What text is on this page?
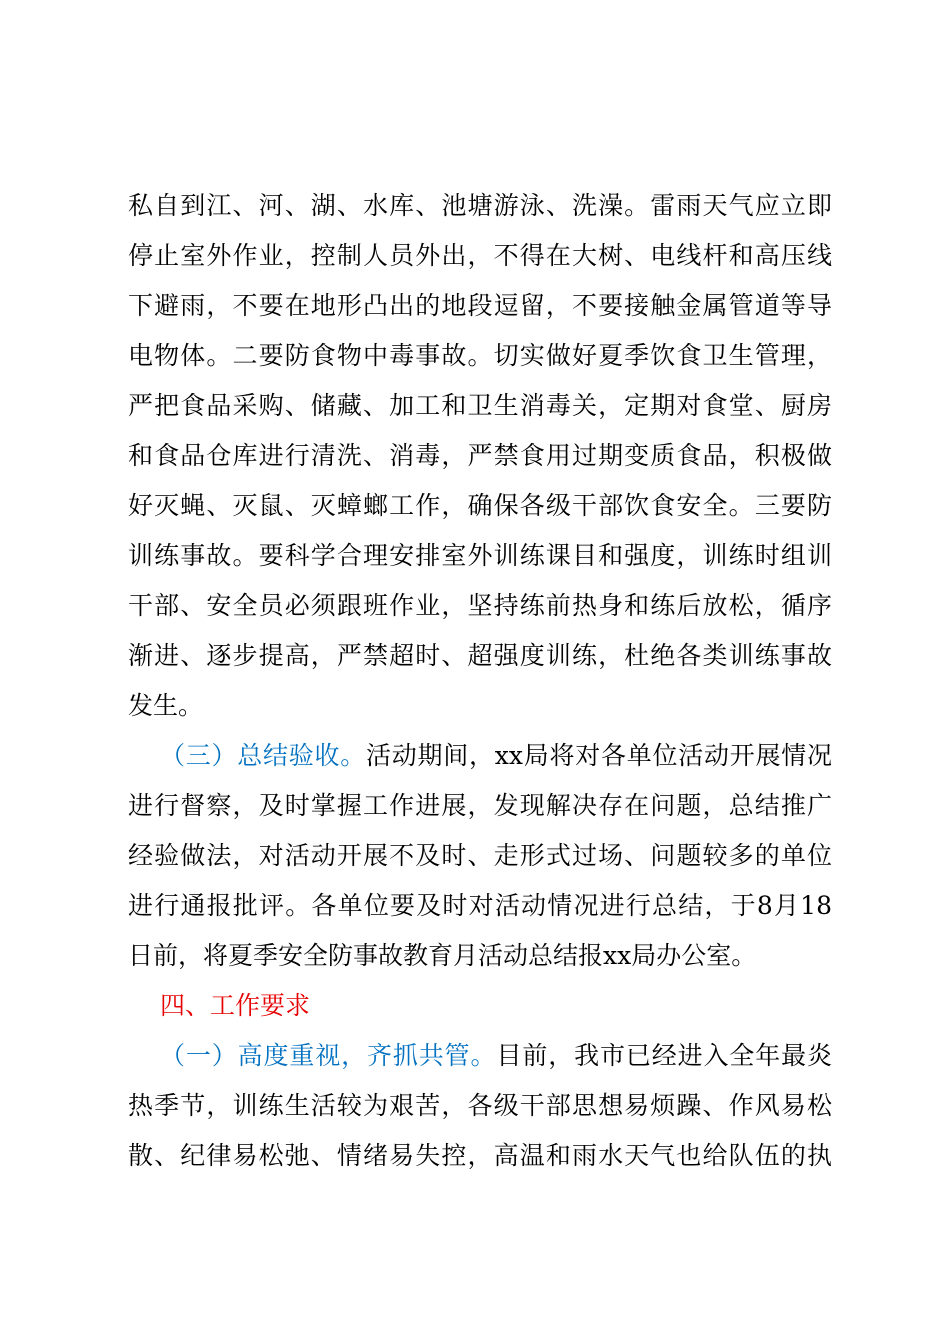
私自到江、河、湖、水库、池塘游泳、洗澡。雷雨天气应立即
停止室外作业，控制人员外出，不得在大树、电线杆和高压线
下避雨，不要在地形凸出的地段逗留，不要接触金属管道等导
电物体。二要防食物中毒事故。切实做好夏季饮食卫生管理，
严把食品采购、储藏、加工和卫生消毒关，定期对食堂、厨房
和食品仓库进行清洗、消毒，严禁食用过期变质食品，积极做
好灭蝇、灭鼠、灭蟑螂工作，确保各级干部饮食安全。三要防
训练事故。要科学合理安排室外训练课目和强度，训练时组训
干部、安全员必须跟班作业，坚持练前热身和练后放松，循序
渐进、逐步提高，严禁超时、超强度训练，杜绝各类训练事故
发生。
（三）总结验收。活动期间，xx局将对各单位活动开展情况
进行督察，及时掌握工作进展，发现解决存在问题，总结推广
经验做法，对活动开展不及时、走形式过场、问题较多的单位
进行通报批评。各单位要及时对活动情况进行总结，于8月18
日前，将夏季安全防事故教育月活动总结报xx局办公室。
四、工作要求
（一）高度重视，齐抓共管。目前，我市已经进入全年最炎
热季节，训练生活较为艰苦，各级干部思想易烦躁、作风易松
散、纪律易松弛、情绪易失控，高温和雨水天气也给队伍的执
